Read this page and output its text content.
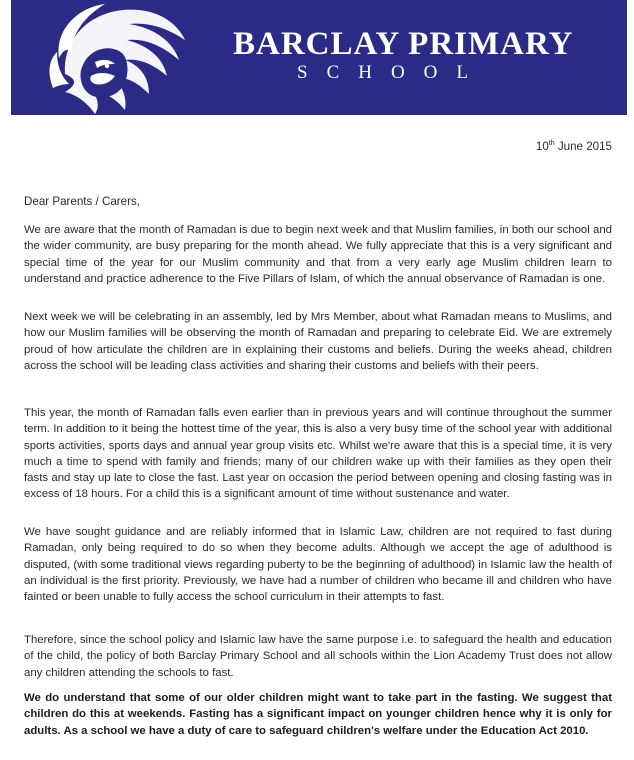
BARCLAY PRIMARY
SCHOOL
10th June 2015
Dear Parents / Carers,

We are aware that the month of Ramadan is due to begin next week and that Muslim families, in both our school and the wider community, are busy preparing for the month ahead. We fully appreciate that this is a very significant and special time of the year for our Muslim community and that from a very early age Muslim children learn to understand and practice adherence to the Five Pillars of Islam, of which the annual observance of Ramadan is one.

Next week we will be celebrating in an assembly, led by Mrs Member, about what Ramadan means to Muslims, and how our Muslim families will be observing the month of Ramadan and preparing to celebrate Eid. We are extremely proud of how articulate the children are in explaining their customs and beliefs. During the weeks ahead, children across the school will be leading class activities and sharing their customs and beliefs with their peers.

This year, the month of Ramadan falls even earlier than in previous years and will continue throughout the summer term. In addition to it being the hottest time of the year, this is also a very busy time of the school year with additional sports activities, sports days and annual year group visits etc. Whilst we're aware that this is a special time, it is very much a time to spend with family and friends; many of our children wake up with their families as they open their fasts and stay up late to close the fast. Last year on occasion the period between opening and closing fasting was in excess of 18 hours. For a child this is a significant amount of time without sustenance and water.

We have sought guidance and are reliably informed that in Islamic Law, children are not required to fast during Ramadan, only being required to do so when they become adults. Although we accept the age of adulthood is disputed, (with some traditional views regarding puberty to be the beginning of adulthood) in Islamic law the health of an individual is the first priority. Previously, we have had a number of children who became ill and children who have fainted or been unable to fully access the school curriculum in their attempts to fast.

Therefore, since the school policy and Islamic law have the same purpose i.e. to safeguard the health and education of the child, the policy of both Barclay Primary School and all schools within the Lion Academy Trust does not allow any children attending the schools to fast.

We do understand that some of our older children might want to take part in the fasting. We suggest that children do this at weekends. Fasting has a significant impact on younger children hence why it is only for adults. As a school we have a duty of care to safeguard children's welfare under the Education Act 2010.
